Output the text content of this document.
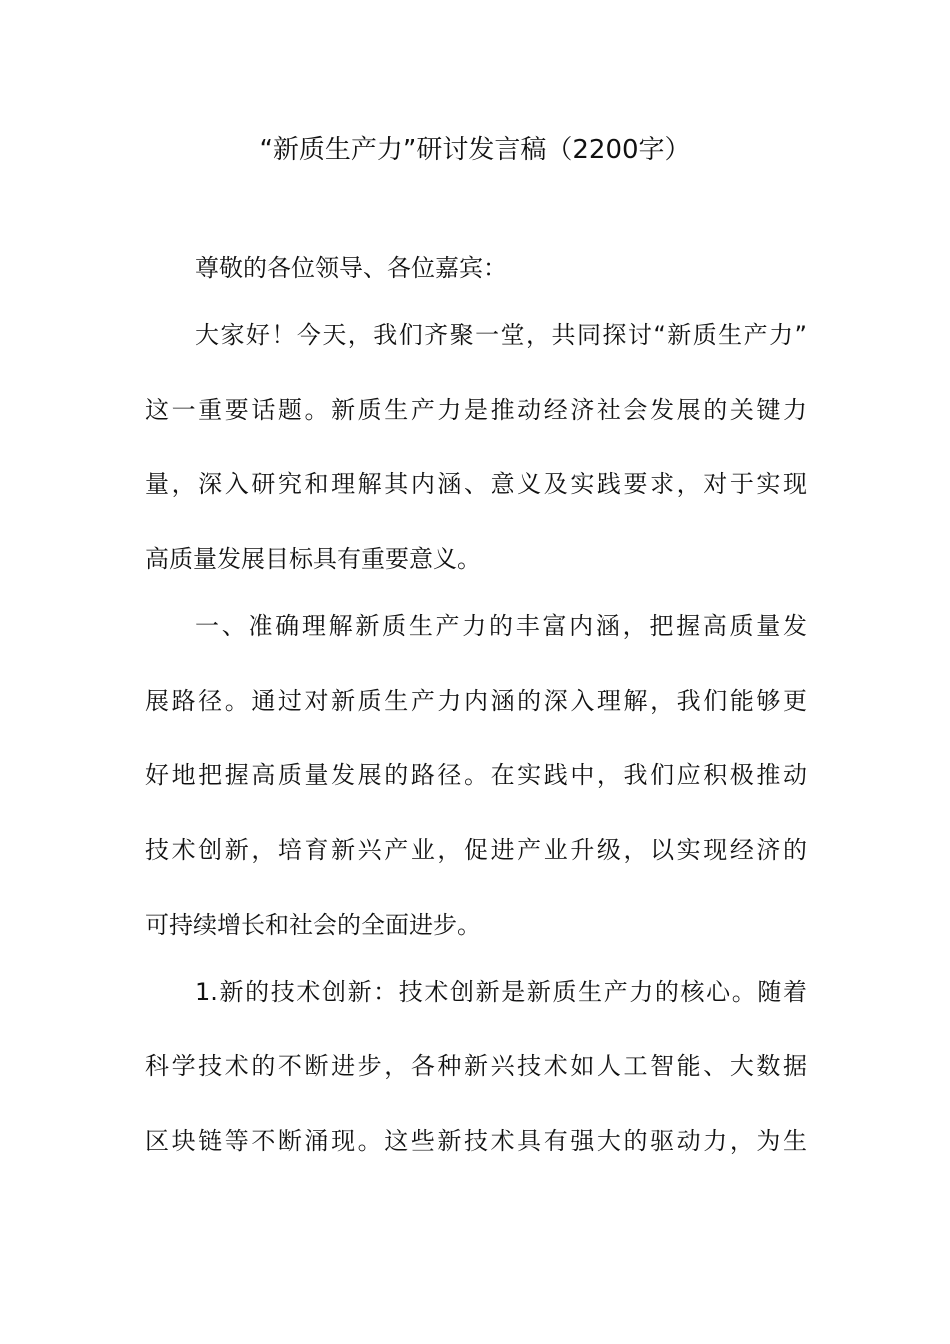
“新质生产力”研讨发言稿（2200字）
尊敬的各位领导、各位嘉宾：
大家好！今天，我们齐聚一堂，共同探讨“新质生产力”
这一重要话题。新质生产力是推动经济社会发展的关键力
量，深入研究和理解其内涵、意义及实践要求，对于实现
高质量发展目标具有重要意义。
一、准确理解新质生产力的丰富内涵，把握高质量发
展路径。通过对新质生产力内涵的深入理解，我们能够更
好地把握高质量发展的路径。在实践中，我们应积极推动
技术创新，培育新兴产业，促进产业升级，以实现经济的
可持续增长和社会的全面进步。
1.新的技术创新：技术创新是新质生产力的核心。随着
科学技术的不断进步，各种新兴技术如人工智能、大数据
区块链等不断涌现。这些新技术具有强大的驱动力，为生
